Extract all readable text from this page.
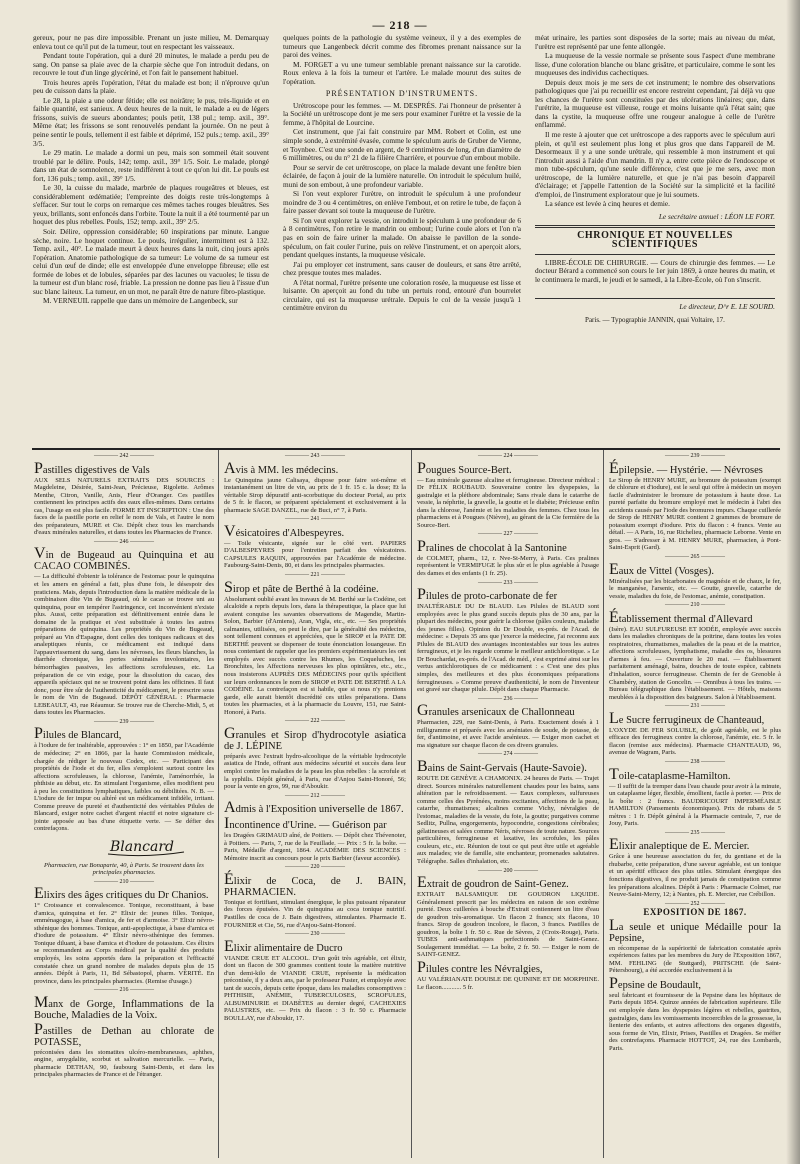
— 218 —

gereux, pour ne pas dire impossible. Prenant un juste milieu, M. Demarquay enleva tout ce qu'il put de la tumeur, tout en respectant les vaisseaux.

Pendant toute l'opération, qui a duré 20 minutes, le malade a perdu peu de sang. On panse sa plaie avec de la charpie sèche que l'on introduit dedans, on recouvre le tout d'un linge glycériné, et l'on fait le pansement habituel.

Trois heures après l'opération, l'état du malade est bon; il n'éprouve qu'un peu de cuisson dans la plaie.

Le 28, la plaie a une odeur fétide; elle est noirâtre; le pus, très-liquide et en faible quantité, est sanieux. A deux heures de la nuit, le malade a eu de légers frissons, suivis de sueurs abondantes; pouls petit, 138 pul.; temp. axil., 39°. Même état; les frissons se sont renouvelés pendant la journée. On ne peut à peine sentir le pouls, tellement il est faible et déprimé, 152 puls.; temp. axil., 39° 3/5.

Le 29 matin. Le malade a dormi un peu, mais son sommeil était souvent troublé par le délire. Pouls, 142; temp. axil., 39° 1/5. Soir. Le malade, plongé dans un état de somnolence, reste indifférent à tout ce qu'on lui dit. Le pouls est fort, 136 puls.; temp. axil., 39° 1/5.

Le 30, la cuisse du malade, marbrée de plaques rougeâtres et bleues, est considérablement œdématiée; l'empreinte des doigts reste très-longtemps à s'effacer. Sur tout le corps on remarque ces mêmes taches rouges bleuâtres. Ses yeux, brillants, sont enfoncés dans l'orbite. Toute la nuit il a été tourmenté par un hoquet des plus rebelles. Pouls, 152; temp. axil., 39° 2/5.

Soir. Délire, oppression considérable; 60 inspirations par minute. Langue sèche, noire. Le hoquet continue. Le pouls, irrégulier, intermittent est à 132. Temp. axil., 40°. Le malade meurt à deux heures dans la nuit, cinq jours après l'opération. Anatomie pathologique de sa tumeur: Le volume de sa tumeur est celui d'un œuf de dinde; elle est enveloppée d'une enveloppe fibreuse; elle est formée de lobes et de lobules, séparées par des lacunes ou vacuoles; le tissu de la tumeur est d'un blanc rosé, friable. La pression ne donne pas lieu à l'issue d'un suc blanc laiteux. La tumeur, en un mot, ne paraît être de nature fibro-plastique.

M. VERNEUIL rappelle que dans un mémoire de Langenbeck, sur

quelques points de la pathologie du système veineux, il y a des exemples de tumeurs que Langenbeck décrit comme des fibromes prenant naissance sur la paroi des veines.

M. FORGET a vu une tumeur semblable prenant naissance sur la carotide. Roux enleva à la fois la tumeur et l'artère. Le malade mourut des suites de l'opération.

PRÉSENTATION D'INSTRUMENTS.

Urétroscope pour les femmes. — M. DESPRÉS. J'ai l'honneur de présenter à la Société un urétroscope dont je me sers pour examiner l'urètre et la vessie de la femme, à l'hôpital de Lourcine.

Cet instrument, que j'ai fait construire par MM. Robert et Colin, est une simple sonde, à extrémité évasée, comme le spéculum auris de Gruber de Vienne, et Toynbee. C'est une sonde en argent, de 9 centimètres de long, d'un diamètre de 6 millimètres, ou du n° 21 de la filière Charrière, et pourvue d'un embout mobile.

Pour se servir de cet urétroscope, on place la malade devant une fenêtre bien éclairée, de façon à jouir de la lumière naturelle. On introduit le spéculum huilé, muni de son embout, à une profondeur variable.

Si l'on veut explorer l'urètre, on introduit le spéculum à une profondeur moindre de 3 ou 4 centimètres, on enlève l'embout, et on retire le tube, de façon à faire passer devant soi toute la muqueuse de l'urètre.

Si l'on veut explorer la vessie, on introduit le spéculum à une profondeur de 6 à 8 centimètres, l'on retire le mandrin ou embout; l'urine coule alors et l'on n'a pas en soin de faire uriner la malade. On abaisse le pavillon de la sonde-spéculum, on fait couler l'urine, puis on relève l'instrument, et on aperçoit alors, pendant quelques instants, la muqueuse vésicale.

J'ai pu employer cet instrument, sans causer de douleurs, et sans être arrêté, chez presque toutes mes malades.

A l'état normal, l'urètre présente une coloration rosée, la muqueuse est lisse et luisante. On aperçoit au fond du tube un pertuis rond, entouré d'un bourrelet circulaire, qui est la muqueuse urétrale. Depuis le col de la vessie jusqu'à 1 centimètre environ du

méat urinaire, les parties sont disposées de la sorte; mais au niveau du méat, l'urètre est représenté par une fente allongée.

La muqueuse de la vessie normale se présente sous l'aspect d'une membrane lisse, d'une coloration blanche ou blanc grisâtre, et particulaire, comme le sont les muqueuses des individus cachectiques.

Depuis deux mois je me sers de cet instrument; le nombre des observations pathologiques que j'ai pu recueillir est encore restreint cependant, j'ai déjà vu que les chances de l'urètre sont constituées par des ulcérations linéaires; que, dans l'urétrite, la muqueuse est villeuse, rouge et moins luisante qu'à l'état sain; que dans la cystite, la muqueuse offre une rougeur analogue à celle de l'urètre enflammé.

Il me reste à ajouter que cet urétroscope a des rapports avec le spéculum auri plein, et qu'il est seulement plus long et plus gros que dans l'appareil de M. Desormeaux il y a une sonde urétrale, qui ressemble à mon instrument et qui l'introduit aussi à l'aide d'un mandrin. Il n'y a, entre cette pièce de l'endoscope et mon tube-spéculum, qu'une seule différence, c'est que je me sers, avec mon urétroscope, de la lumière naturelle, et que je n'ai pas besoin d'appareil d'éclairage; et j'appelle l'attention de la Société sur la simplicité et la facilité d'emploi, de l'instrument exploratour que je lui soumets.

La séance est levée à cinq heures et demie.

Le secrétaire annuel : LÉON LE FORT.
CHRONIQUE ET NOUVELLES SCIENTIFIQUES

LIBRE-ÉCOLE DE CHIRURGIE. — Cours de chirurgie des femmes. — Le docteur Bérard a commencé son cours le 1er juin 1869, à onze heures du matin, et le continuera le mardi, le jeudi et le samedi, à la Libre-École, où l'on s'inscrit.

Le directeur, D^r E. LE SOURD.
Paris. — Typographie JANNIN, quai Voltaire, 17.
———— 242 ————
Pastilles digestives de Vals

AUX SELS NATURELS EXTRAITS DES SOURCES : Magdeleine, Désirée, Saint-Jean, Précieuse, Rigolette. Arômes Menthe, Citron, Vanille, Anis, Fleur d'Oranger. Ces pastilles contiennent les principes actifs des eaux elles-mêmes. Dans certains cas, l'usage en est plus facile. FORME ET INSCRIPTION : Une des faces de la pastille porte en relief le nom de Vals, et l'autre le nom des préparateurs, MURE et Cie. Dépôt chez tous les marchands d'eaux minérales naturelles, et dans toutes les Pharmacies de France.

———— 246 ————
Vin de Bugeaud au Quinquina et au CACAO COMBINÉS.

— La difficulté d'obtenir la tolérance de l'estomac pour le quinquina et les amers en général a fait, plus d'une fois, le désespoir des praticiens. Mais, depuis l'introduction dans la matière médicale de la combinaison dite Vin de Bugeaud, où le cacao se trouve uni au quinquina, pour en tempérer l'astringence, cet inconvénient n'existe plus. Aussi, cette préparation est définitivement entrée dans le domaine de la pratique et s'est substituée à toutes les autres préparations de quinquina. Les propriétés du Vin de Bugeaud, préparé au Vin d'Espagne, dont celles des toniques radicaux et des analeptiques réunis, ce médicament est indiqué dans l'appauvrissement du sang, dans les névroses, les fleurs blanches, la diarrhée chronique, les pertes séminales involontaires, les hémorrhagies passives, les affections scrofuleuses, etc. La préparation de ce vin exige, pour la dissolution du cacao, des appareils spéciaux qui ne se trouvent point dans les officines. Il faut donc, pour être sûr de l'authenticité du médicament, le prescrire sous le nom de Vin de Bugeaud. DÉPÔT GÉNÉRAL : Pharmacie LEBEAULT, 43, rue Réaumur. Se trouve rue de Cherche-Midi, 5, et dans toutes les Pharmacies.

———— 239 ————
Pilules de Blancard,

à l'iodure de fer inaltérable, approuvées : 1° en 1850, par l'Académie de médecine; 2° en 1866, par la haute Commission médicale, chargée de rédiger le nouveau Codex, etc. — Participant des propriétés de l'iode et du fer, elles s'emploient surtout contre les affections scrofuleuses, la chlorose, l'anémie, l'aménorrhée, la phthisie au début, etc. En stimulant l'organisme, elles modifient peu à peu les constitutions lymphatiques, faibles ou débilitées. N. B. — L'iodure de fer impur ou altéré est un médicament infidèle, irritant. Comme preuve de pureté et d'authenticité des véritables Pilules de Blancard, exiger notre cachet d'argent réactif et notre signature ci-jointe apposée au bas d'une étiquette verte. — Se défier des contrefaçons.

Blancard

Pharmacien, rue Bonaparte, 40, à Paris. Se trouvent dans les principales pharmacies.

———— 210 ————
Elixirs des âges critiques du Dr Chanios.

1° Croissance et convalescence. Tonique, reconstituant, à base d'amica, quinquina et fer. 2° Elixir de: jeunes filles. Tonique, emménagogue, à base d'amica, de fer et d'armoise. 3° Elixir névro-sthénique des hommes. Tonique, anti-apoplectique, à base d'arnica et d'iodure de potassium. 4° Elixir névro-sthénique des femmes. Tonique diluant, à base d'amica et d'iodure de potassium. Ces élixirs se recommandent au Corps médical par la qualité des produits employés, les soins apportés dans la préparation et l'efficacité constatée chez un grand nombre de malades depuis plus de 15 années. Dépôt à Paris, 11, Bd Sébastopol, pharm. VÉRITÉ. En province, dans les principales pharmacies. (Remise d'usage.)

———— 216 ————
Manx de Gorge, Inflammations de la Bouche, Maladies de la Voix.
Pastilles de Dethan au chlorate de POTASSE,

préconisées dans les stomatites ulcéro-membraneuses, aphthes, angine, amygdalite, scorbut et salivation mercurielle. — Paris, pharmacie DETHAN, 90, faubourg Saint-Denis, et dans les principales pharmacies de France et de l'étranger.

———— 243 ————
Avis à MM. les médecins.

Le Quinquina jaune Calisaya, dispose pour faire soi-même et instantanément un litre de vin, au prix de 1 fr. 15 c. la dose; Et la véritable Sirop dépuratif anti-scorbutique du docteur Portal, au prix de 5 fr. le flacon, se préparent spécialement et exclusivement à la pharmacie SAGE DANZEL, rue de Buci, n° 7, à Paris.

———— 241 ————
Vésicatoires d'Albespeyres.

— Toile vésicante, signée sur le côté vert. PAPIERS D'ALBESPEYRES pour l'entretien parfait des vésicatoires. CAPSULES RAQUIN, approuvées par l'Académie de médecine. Faubourg-Saint-Denis, 80, et dans les principales pharmacies.

———— 221 ————
Sirop et pâte de Berthé à la codéine.

Absolument oublié avant les travaux de M. Berthé sur la Codéine, cet alcaloïde a repris depuis lors, dans la thérapeutique, la place que lui avaient conquise les savantes observations de Magendie, Martin-Solon, Barbier (d'Amiens), Aran, Vigla, etc., etc. — Ses propriétés calmantes, utilisées, on peut le dire, par la généralité des médecins, sont tellement connues et appréciées, que le SIROP et la PATE DE BERTHÉ peuvent se dispenser de toute énonciation louangeuse. En nous contentant de rappeler que les premiers expérimentateurs les ont employés avec succès contre les Rhumes, les Coqueluches, les Bronchites, les Affections nerveuses les plus opiniâtres, etc., etc., nous insisterons AUPRÈS DES MÉDECINS pour qu'ils spécifient sur leurs ordonnances le nom de SIROP et PATE DE BERTHÉ A LA CODÉINE. La contrefaçon est si habile, que si nous n'y prenions garde, elle aurait bientôt discrédité ces utiles préparations. Dans toutes les pharmacies, et à la pharmacie du Louvre, 151, rue Saint-Honoré, à Paris.

———— 222 ————
Granules et Sirop d'hydrocotyle asiatica de J. LÉPINE

préparés avec l'extrait hydro-alcoolique de la véritable hydrocotyle asiatica de l'Inde, offrant aux médecins sécurité et succès dans leur emploi contre les maladies de la peau les plus rebelles : la scrofule et la syphilis. Dépôt général, à Paris, rue d'Anjou Saint-Honoré, 56; pour la vente en gros, 99, rue d'Aboukir.

———— 212 ————
Admis à l'Exposition universelle de 1867.
Incontinence d'Urine. — Guérison par

les Dragées GRIMAUD aîné, de Poitiers. — Dépôt chez Thévenoter, à Poitiers. — Paris, 7, rue de la Feuillade. — Prix : 5 fr. la boîte. — Paris, Médaille d'argent, 1864. ACADÉMIE DES SCIENCES : Mémoire inscrit au concours pour le prix Barbier (faveur accordée).

———— 220 ————
Élixir de Coca, de J. BAIN, PHARMACIEN.

Tonique et fortifiant, stimulant énergique, le plus puissant réparateur des forces épuisées. Vin de quinquina au coca tonique nutritif. Pastilles de coca de J. Bain digestives, stimulantes. Pharmacie E. FOURNIER et Cie, 56, rue d'Anjou-Saint-Honoré.

———— 230 ————
Elixir alimentaire de Ducro

VIANDE CRUE ET ALCOOL. D'un goût très agréable, cet élixir, dont un flacon de 300 grammes contient toute la matière nutritive d'un demi-kilo de VIANDE CRUE, représente la médication préconisée, il y a deux ans, par le professeur Fuster, et employée avec tant de succès, depuis cette époque, dans les maladies consomptives : PHTHISIE, ANÉMIE, TUBERCULOSES, SCROFULES, ALBUMINURIE et DIABÈTES au dernier degré, CACHEXIES PALUSTRES, etc. — Prix du flacon : 3 fr. 50 c. Pharmacie BOULLAY, rue d'Aboukir, 17.

———— 224 ————
Pougues Source-Bert.

— Eau minérale gazeuse alcaline et ferrugineuse. Directeur médical : Dr FÉLIX ROUBAUD. Souveraine contre les dyspepsies, la gastralgie et la pléthore abdominale; Sans rivale dans le catarrhe de vessie, la néphrite, la gravelle, la goutte et le diabète; Précieuse enfin dans la chlorose, l'anémie et les maladies des femmes. Chez tous les pharmaciens et à Pougues (Nièvre), au gérant de la Cie fermière de la Source-Bert.

———— 227 ————
Pralines de chocolat à la Santonine

de COLMET, pharm., 12, r. Nve-St-Merry, à Paris. Ces pralines représentent le VERMIFUGE le plus sûr et le plus agréable à l'usage des dames et des enfants (1 fr. 25).

———— 233 ————
Pilules de proto-carbonate de fer

INALTÉRABLE DU Dr BLAUD. Les Pilules de BLAUD sont employées avec le plus grand succès depuis plus de 30 ans, par la plupart des médecins, pour guérir la chlorose (pâles couleurs, maladie des jeunes filles). Opinion du Dr Double, ex-prés. de l'Acad. de médecine: « Depuis 35 ans que j'exerce la médecine, j'ai reconnu aux Pilules de BLAUD des avantages incontestables sur tous les autres ferrugineux, et je les regarde comme le meilleur antichlorotique. » Le Dr Bouchardat, ex-prés. de l'Acad. de méd., s'est exprimé ainsi sur les vertus antichlorotiques de ce médicament : « C'est une des plus simples, des meilleures et des plus économiques préparations ferrugineuses. » Comme preuve d'authenticité, le nom de l'inventeur est gravé sur chaque pilule. Dépôt dans chaque Pharmacie.

———— 236 ————
Granules arsenicaux de Challonneau

Pharmacien, 229, rue Saint-Denis, à Paris. Exactement dosés à 1 milligramme et préparés avec les arséniates de soude, de potasse, de fer, d'antimoine, et avec l'acide arsénieux. — Exiger mon cachet et ma signature sur chaque flacon de ces divers granules.

———— 274 ————
Bains de Saint-Gervais (Haute-Savoie).

ROUTE DE GENÈVE A CHAMONIX. 24 heures de Paris. — Trajet direct. Sources minérales naturellement chaudes pour les bains, sans altération par le refroidissement. — Eaux complexes, sulfureuses comme celles des Pyrénées, moins excitantes, affections de la peau, catarrhe, rhumatismes; alcalines comme Vichy, névralgies de l'estomac, maladies de la vessie, du foie, la goutte; purgatives comme Sedlitz, Pullna, engorgements, hypocondrie, congestions cérébrales; gélatineuses et salées comme Néris, névroses de toute nature. Sources particulières, ferrugineuse et laxative, les scrofules, les pâles couleurs, etc., etc. Réunion de tout ce qui peut être utile et agréable aux malades; vie de famille, site enchanteur, promenades salutaires. Télégraphe. Salles d'inhalation, etc.

———— 200 ————
Extrait de goudron de Saint-Genez.

EXTRAIT BALSAMIQUE DE GOUDRON LIQUIDE. Généralement prescrit par les médecins en raison de son extrême pureté. Deux cuillerées à bouche d'Extrait contiennent un litre d'eau de goudron très-aromatique. Un flacon 2 francs; six flacons, 10 francs. Sirop de goudron incolore, le flacon, 3 francs. Pastilles de goudron, la boîte 1 fr. 50 c. Rue de Sèvres, 2 (Croix-Rouge), Paris. TUBES anti-asthmatiques perfectionnés de Saint-Genez. Soulagement immédiat. — La boîte, 2 fr. 50. — Exiger le nom de SAINT-GENEZ.

Pilules contre les Névralgies,

AU VALÉRIANATE DOUBLE DE QUININE ET DE MORPHINE. Le flacon............ 5 fr.

———— 239 ————
Épilepsie. — Hystérie. — Névroses

Le Sirop de HENRY MURE, au bromure de potassium (exempt de chlorure et d'iodure), est le seul qui offre à médecin un moyen facile d'administrer le bromure de potassium à haute dose. La pureté parfaite du bromure employé met le médecin à l'abri des accidents causés par l'iode des bromures impurs. Chaque cuillerée de Sirop de HENRY MURE contient 2 grammes de bromure de potassium exempt d'iodure. Prix du flacon : 4 francs. Vente au détail. — A Paris, 16, rue Richelieu, pharmacie Leborne. Vente en gros. — S'adresser à M. HENRY MURE, pharmacien, à Pont-Saint-Esprit (Gard).

———— 265 ————
Eaux de Vittel (Vosges).

Minéralisées par les bicarbonates de magnésie et de chaux, le fer, le manganèse, l'arsenic, etc. — Goutte, gravelle, catarrhe de vessie, maladies du foie, de l'estomac, anémie, constipation.

———— 210 ————
Établissement thermal d'Allevard

(Isère). EAU SULFUREUSE ET IODÉE, employée avec succès dans les maladies chroniques de la poitrine, dans toutes les voies respiratoires, rhumatismes, maladies de la peau et de la matrice, affections scrofuleuses, lymphatisme, maladie des os, blessures d'armes à feu. — Ouverture le 20 mai. — Établissement parfaitement aménagé, bains, douches de toute espèce, cabinets d'inhalation, source ferrugineuse. Chemin de fer de Grenoble à Chambéry, station de Goncelin. — Omnibus à tous les trains. — Bureau télégraphique dans l'établissement. — Hôtels, maisons meublées à la disposition des baigneurs. Salon à l'établissement.

———— 231 ————
Le Sucre ferrugineux de Chanteaud,

L'OXYDE DE FER SOLUBLE, de goût agréable, est le plus efficace des ferrugineux contre la chlorose, l'anémie, etc. 5 fr. le flacon (remise aux médecins). Pharmacie CHANTEAUD, 96, avenue de Wagram, Paris.

———— 238 ————
Toile-cataplasme-Hamilton.

— Il suffit de la tremper dans l'eau chaude pour avoir à la minute, un cataplasme léger, flexible, émollient, facile à porter. — Prix de la boîte : 2 francs. BAUDRICOURT IMPERMÉABLE HAMILTON (Pansements économiques). Prix de rubans de 5 mètres : 1 fr. Dépôt général à la Pharmacie centrale, 7, rue de Jouy, Paris.

———— 235 ————
Elixir analeptique de E. Mercier.

Grâce à une heureuse association du fer, du gentiane et de la rhubarbe, cette préparation, d'une saveur agréable, est un tonique et un apéritif efficace des plus utiles. Stimulant énergique des fonctions digestives, il ne produit jamais de constipation comme les préparations alcalines. Dépôt à Paris : Pharmacie Colmet, rue Neuve-Saint-Merry, 12; à Nantes, ph. E. Mercier, rue Crébillon.

———— 252 ————
EXPOSITION DE 1867.
La seule et unique Médaille pour la Pepsine,

en récompense de la supériorité de fabrication constatée après expériences faites par les membres du Jury de l'Exposition 1867, MM. FEHLING (de Stuttgard), PRITSCHE (de Saint-Pétersbourg), a été accordée exclusivement à la

Pepsine de Boudault,

seul fabricant et fournisseur de la Pepsine dans les hôpitaux de Paris depuis 1854. Quinze années de fabrication supérieure. Elle est employée dans les dyspepsies légères et rebelles, gastrites, gastralgies, dans les vomissements incoercibles de la grossesse, la lienterie des enfants, et autres affections des organes digestifs, sous forme de Vin, Elixir, Prises, Pastilles et Dragées. Se méfier des contrefaçons. Pharmacie HOTTOT, 24, rue des Lombards, Paris.
